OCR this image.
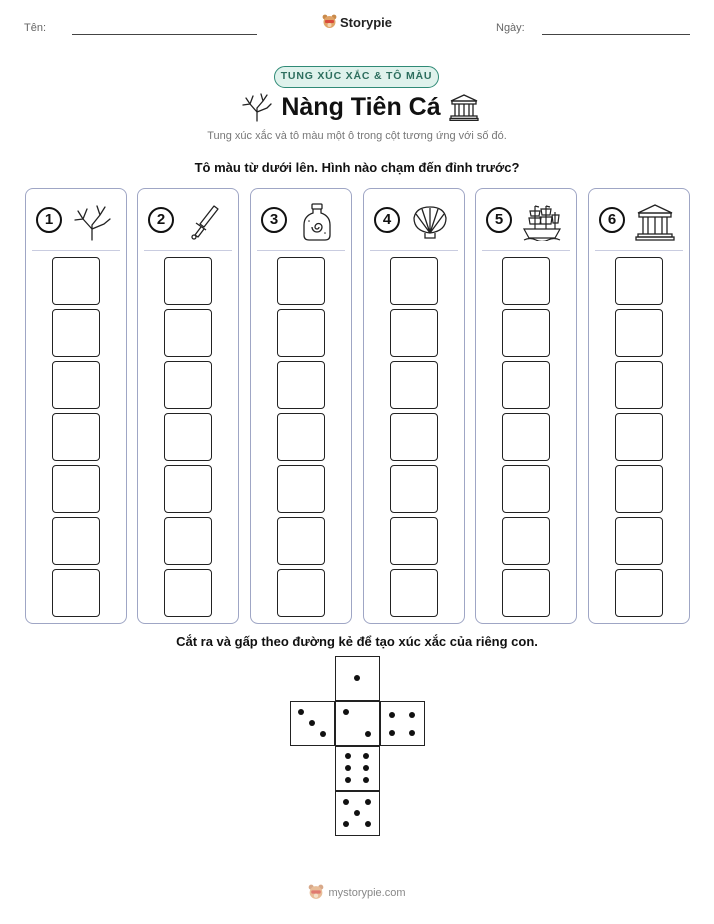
Tên:	Storypie	Ngày:
TUNG XÚC XẮC & TÔ MÀU
Nàng Tiên Cá
Tung xúc xắc và tô màu một ô trong cột tương ứng với số đó.
Tô màu từ dưới lên. Hình nào chạm đến đỉnh trước?
1	2	3	4	5	6
Cắt ra và gấp theo đường kẻ để tạo xúc xắc của riêng con.
mystorypie.com
